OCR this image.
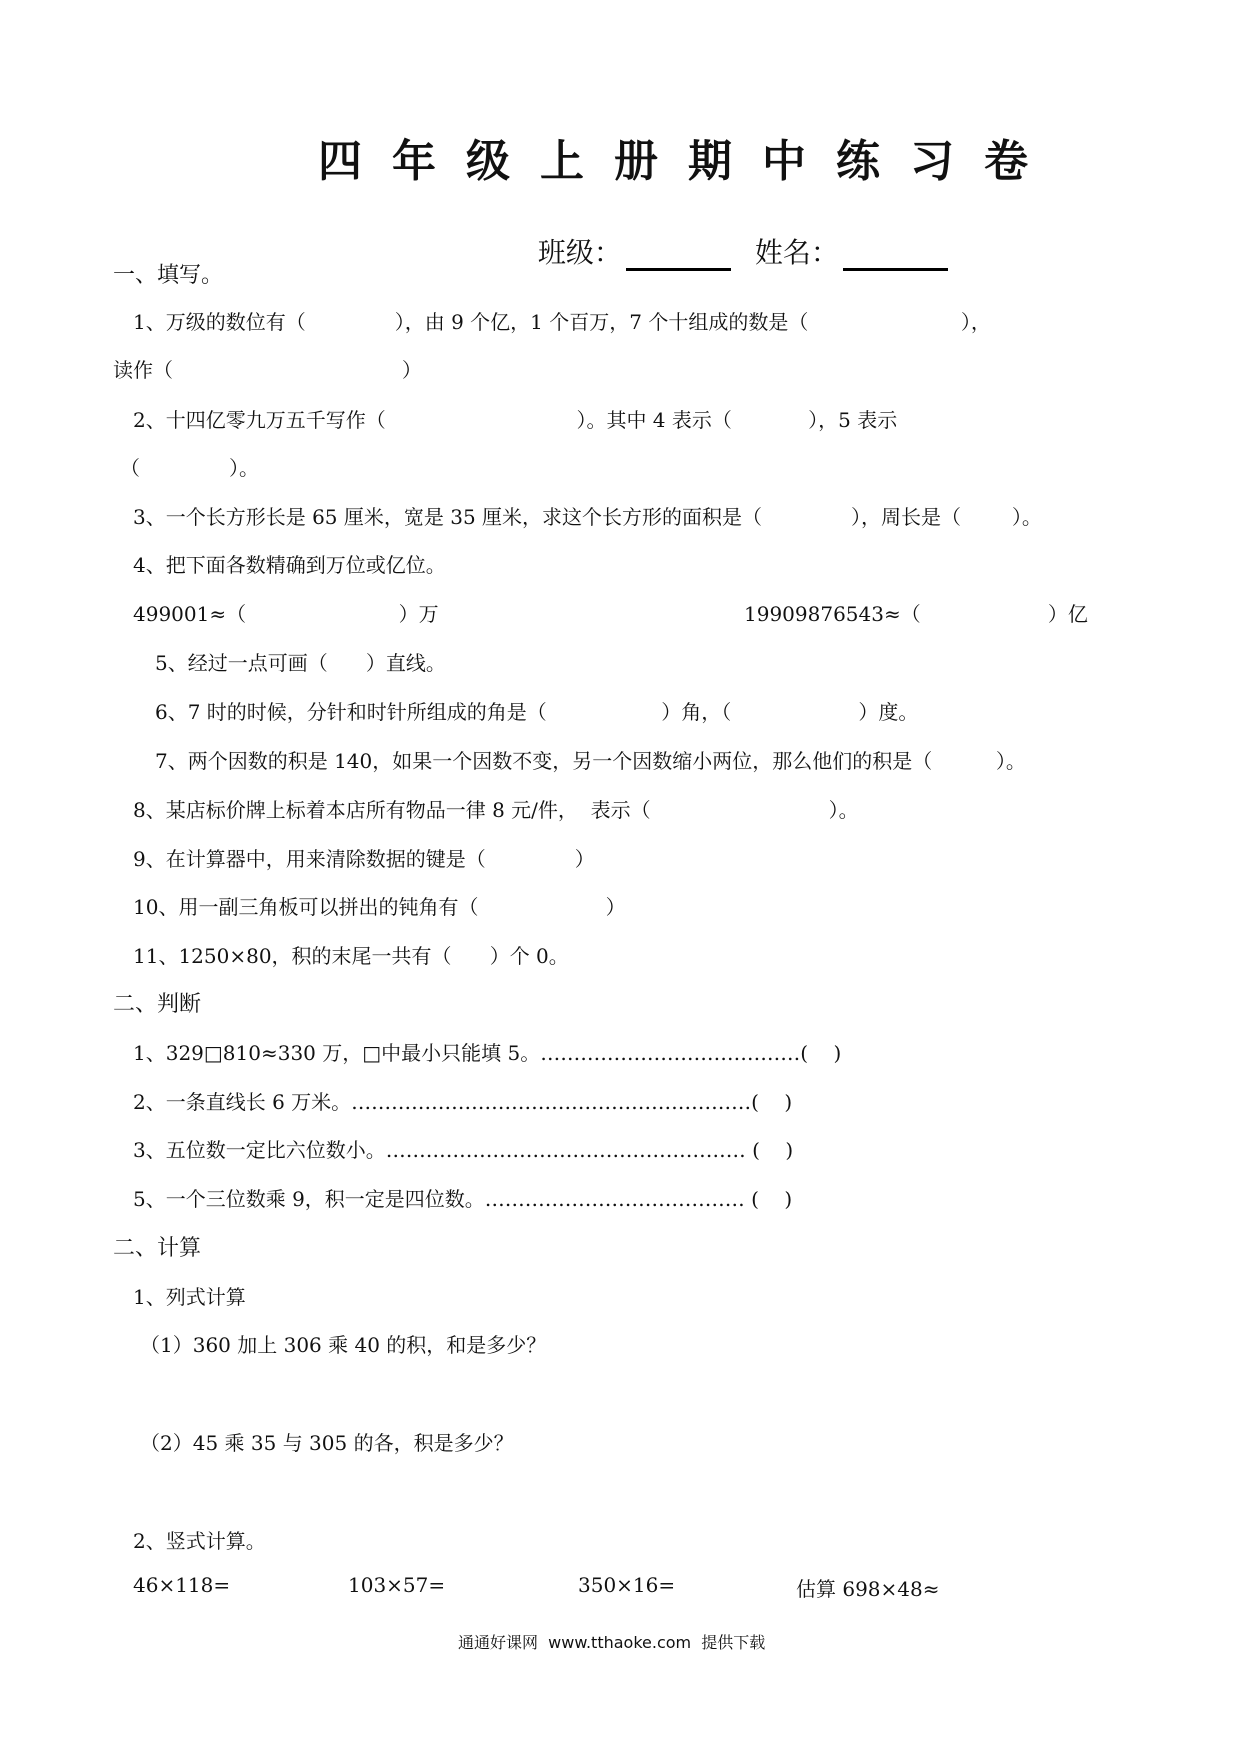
四年级上册期中练习卷

班级：	姓名：

一、填写。
1、万级的数位有（              ），由 9 个亿，1 个百万，7 个十组成的数是（                        ），
读作（                                    ）
2、十四亿零九万五千写作（                              ）。其中 4 表示（            ），5 表示
（              ）。
3、一个长方形长是 65 厘米，宽是 35 厘米，求这个长方形的面积是（              ），周长是（        ）。
4、把下面各数精确到万位或亿位。
499001≈（                        ）万	19909876543≈（                    ）亿
5、经过一点可画（      ）直线。
6、7 时的时候，分针和时针所组成的角是（                  ）角，（                    ）度。
7、两个因数的积是 140，如果一个因数不变，另一个因数缩小两位，那么他们的积是（          ）。
8、某店标价牌上标着本店所有物品一律 8 元/件，  表示（                            ）。
9、在计算器中，用来清除数据的键是（              ）
10、用一副三角板可以拼出的钝角有（                    ）
11、1250×80，积的末尾一共有（      ）个 0。
二、判断
1、329□810≈330 万，□中最小只能填 5。…………………………………(    )
2、一条直线长 6 万米。……………………………………………………(    )
3、五位数一定比六位数小。……………………………………………… (    )
5、一个三位数乘 9，积一定是四位数。………………………………… (    )
二、计算
1、列式计算
（1）360 加上 306 乘 40 的积，和是多少？
（2）45 乘 35 与 305 的各，积是多少？
2、竖式计算。
46×118=	103×57=	350×16=	估算 698×48≈
通通好课网  www.tthaoke.com  提供下载
